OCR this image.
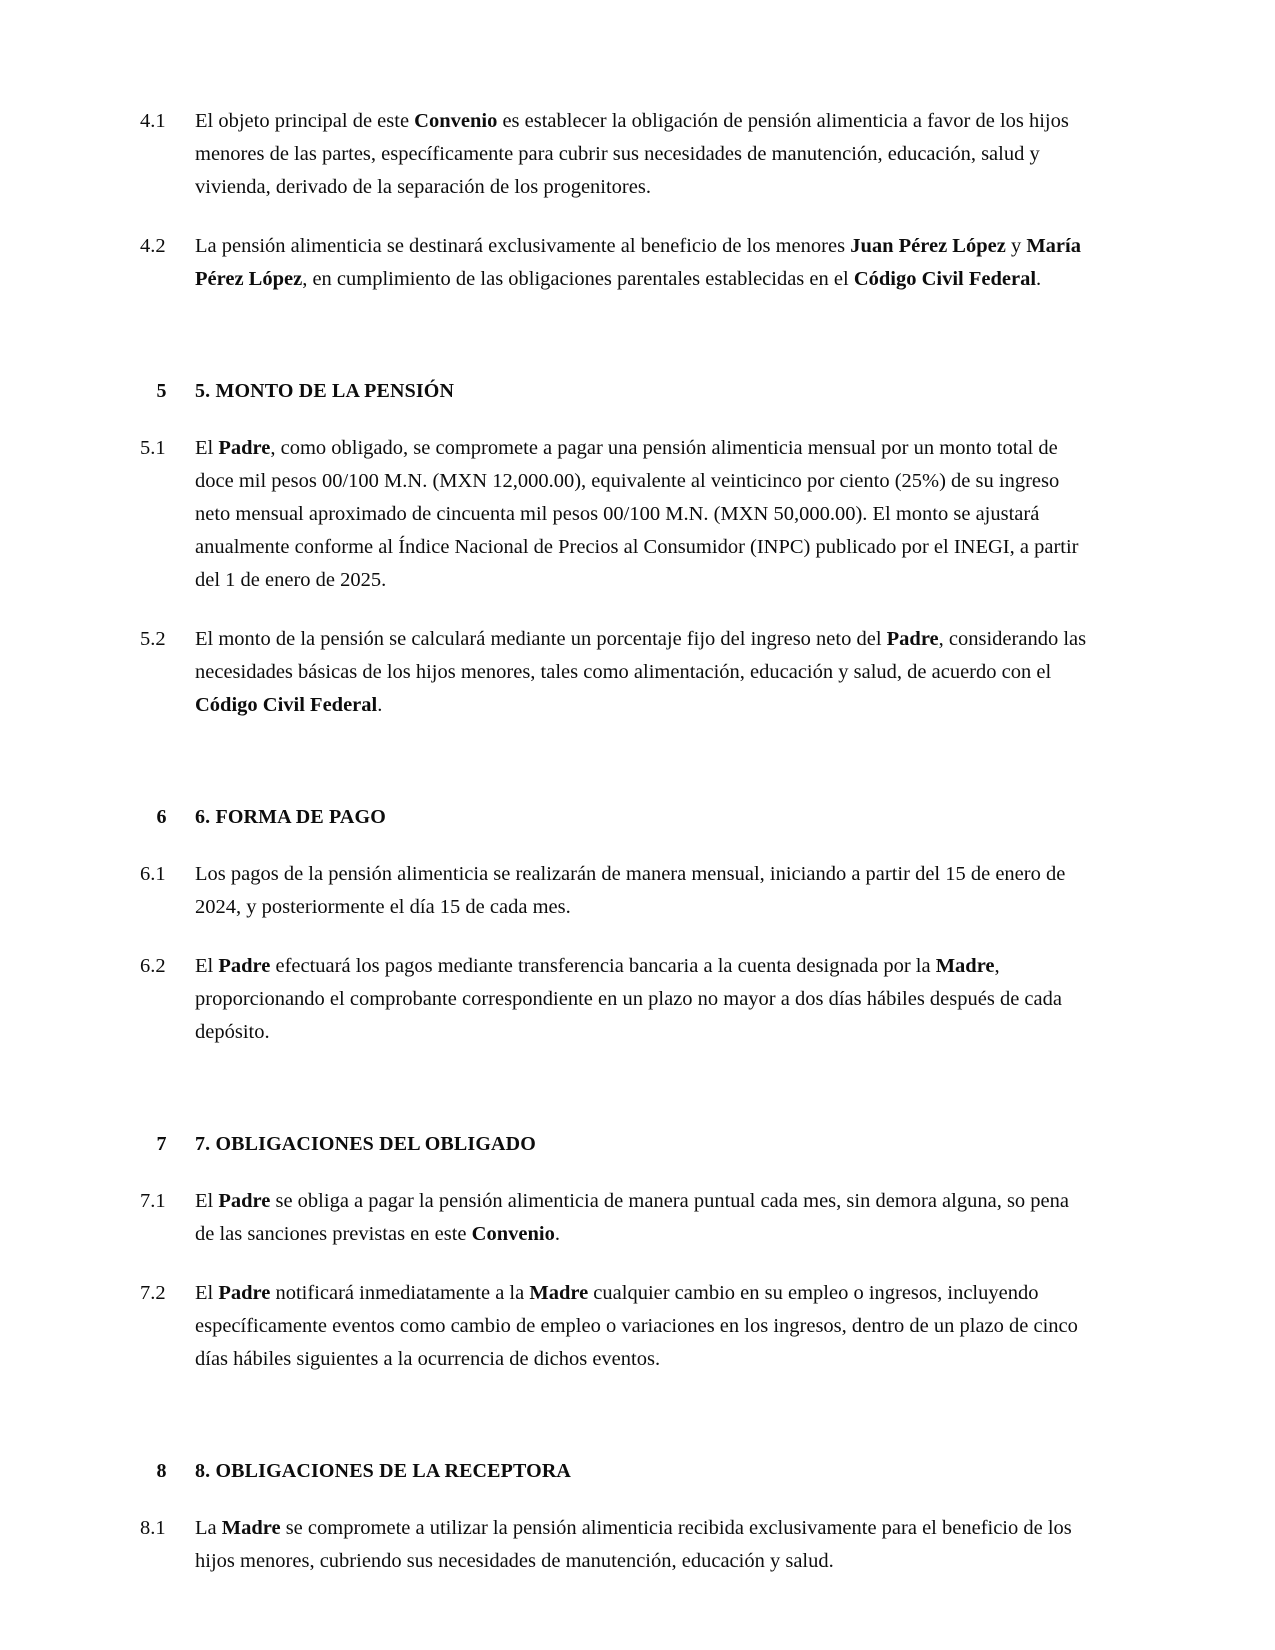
4.1	El objeto principal de este Convenio es establecer la obligación de pensión alimenticia a favor de los hijos menores de las partes, específicamente para cubrir sus necesidades de manutención, educación, salud y vivienda, derivado de la separación de los progenitores.
4.2	La pensión alimenticia se destinará exclusivamente al beneficio de los menores Juan Pérez López y María Pérez López, en cumplimiento de las obligaciones parentales establecidas en el Código Civil Federal.
5	5. MONTO DE LA PENSIÓN
5.1	El Padre, como obligado, se compromete a pagar una pensión alimenticia mensual por un monto total de doce mil pesos 00/100 M.N. (MXN 12,000.00), equivalente al veinticinco por ciento (25%) de su ingreso neto mensual aproximado de cincuenta mil pesos 00/100 M.N. (MXN 50,000.00). El monto se ajustará anualmente conforme al Índice Nacional de Precios al Consumidor (INPC) publicado por el INEGI, a partir del 1 de enero de 2025.
5.2	El monto de la pensión se calculará mediante un porcentaje fijo del ingreso neto del Padre, considerando las necesidades básicas de los hijos menores, tales como alimentación, educación y salud, de acuerdo con el Código Civil Federal.
6	6. FORMA DE PAGO
6.1	Los pagos de la pensión alimenticia se realizarán de manera mensual, iniciando a partir del 15 de enero de 2024, y posteriormente el día 15 de cada mes.
6.2	El Padre efectuará los pagos mediante transferencia bancaria a la cuenta designada por la Madre, proporcionando el comprobante correspondiente en un plazo no mayor a dos días hábiles después de cada depósito.
7	7. OBLIGACIONES DEL OBLIGADO
7.1	El Padre se obliga a pagar la pensión alimenticia de manera puntual cada mes, sin demora alguna, so pena de las sanciones previstas en este Convenio.
7.2	El Padre notificará inmediatamente a la Madre cualquier cambio en su empleo o ingresos, incluyendo específicamente eventos como cambio de empleo o variaciones en los ingresos, dentro de un plazo de cinco días hábiles siguientes a la ocurrencia de dichos eventos.
8	8. OBLIGACIONES DE LA RECEPTORA
8.1	La Madre se compromete a utilizar la pensión alimenticia recibida exclusivamente para el beneficio de los hijos menores, cubriendo sus necesidades de manutención, educación y salud.
